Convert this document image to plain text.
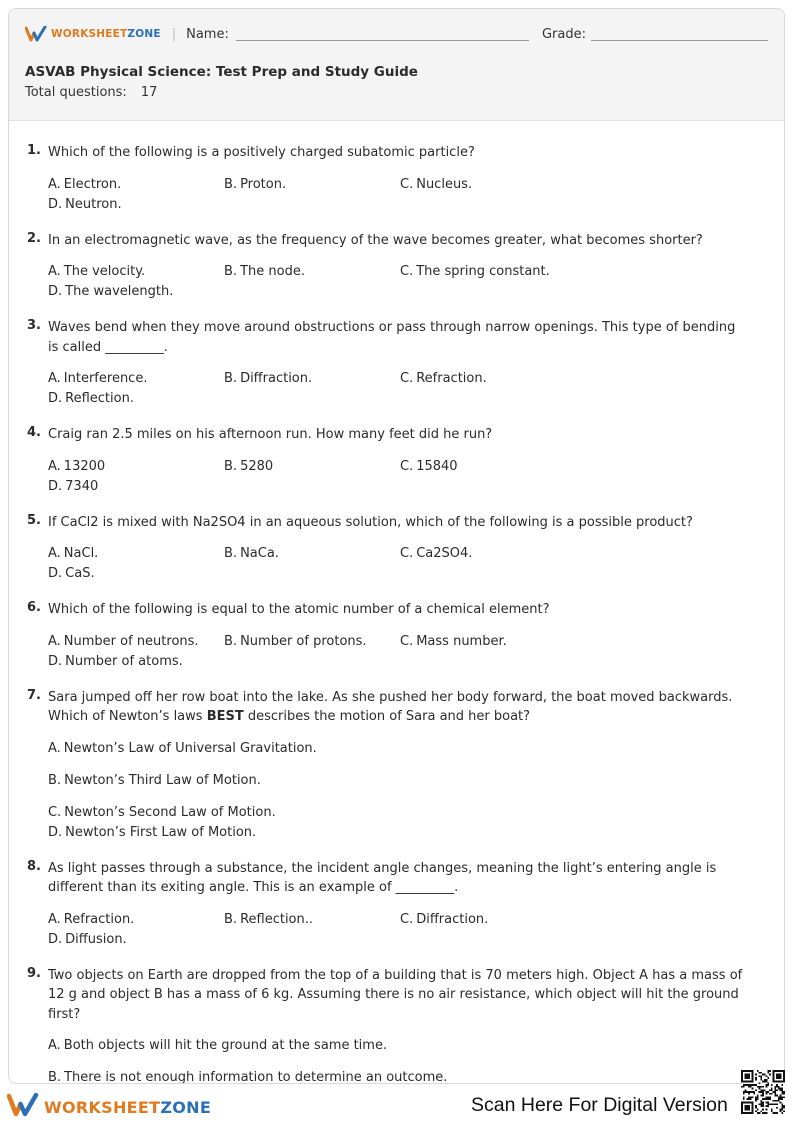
WORKSHEETZONE | Name:	Grade:
ASVAB Physical Science: Test Prep and Study Guide
Total questions: 17
1. Which of the following is a positively charged subatomic particle?
A. Electron.	B. Proton.	C. Nucleus.
D. Neutron.
2. In an electromagnetic wave, as the frequency of the wave becomes greater, what becomes shorter?
A. The velocity.	B. The node.	C. The spring constant.
D. The wavelength.
3. Waves bend when they move around obstructions or pass through narrow openings. This type of bending is called _________.
A. Interference.	B. Diffraction.	C. Refraction.
D. Reflection.
4. Craig ran 2.5 miles on his afternoon run. How many feet did he run?
A. 13200	B. 5280	C. 15840
D. 7340
5. If CaCl2 is mixed with Na2SO4 in an aqueous solution, which of the following is a possible product?
A. NaCl.	B. NaCa.	C. Ca2SO4.
D. CaS.
6. Which of the following is equal to the atomic number of a chemical element?
A. Number of neutrons.	B. Number of protons.	C. Mass number.
D. Number of atoms.
7. Sara jumped off her row boat into the lake. As she pushed her body forward, the boat moved backwards. Which of Newton’s laws BEST describes the motion of Sara and her boat?
A. Newton’s Law of Universal Gravitation.
B. Newton’s Third Law of Motion.
C. Newton’s Second Law of Motion.
D. Newton’s First Law of Motion.
8. As light passes through a substance, the incident angle changes, meaning the light’s entering angle is different than its exiting angle. This is an example of _________.
A. Refraction.	B. Reflection..	C. Diffraction.
D. Diffusion.
9. Two objects on Earth are dropped from the top of a building that is 70 meters high. Object A has a mass of 12 g and object B has a mass of 6 kg. Assuming there is no air resistance, which object will hit the ground first?
A. Both objects will hit the ground at the same time.
B. There is not enough information to determine an outcome.
WORKSHEETZONE	Scan Here For Digital Version
